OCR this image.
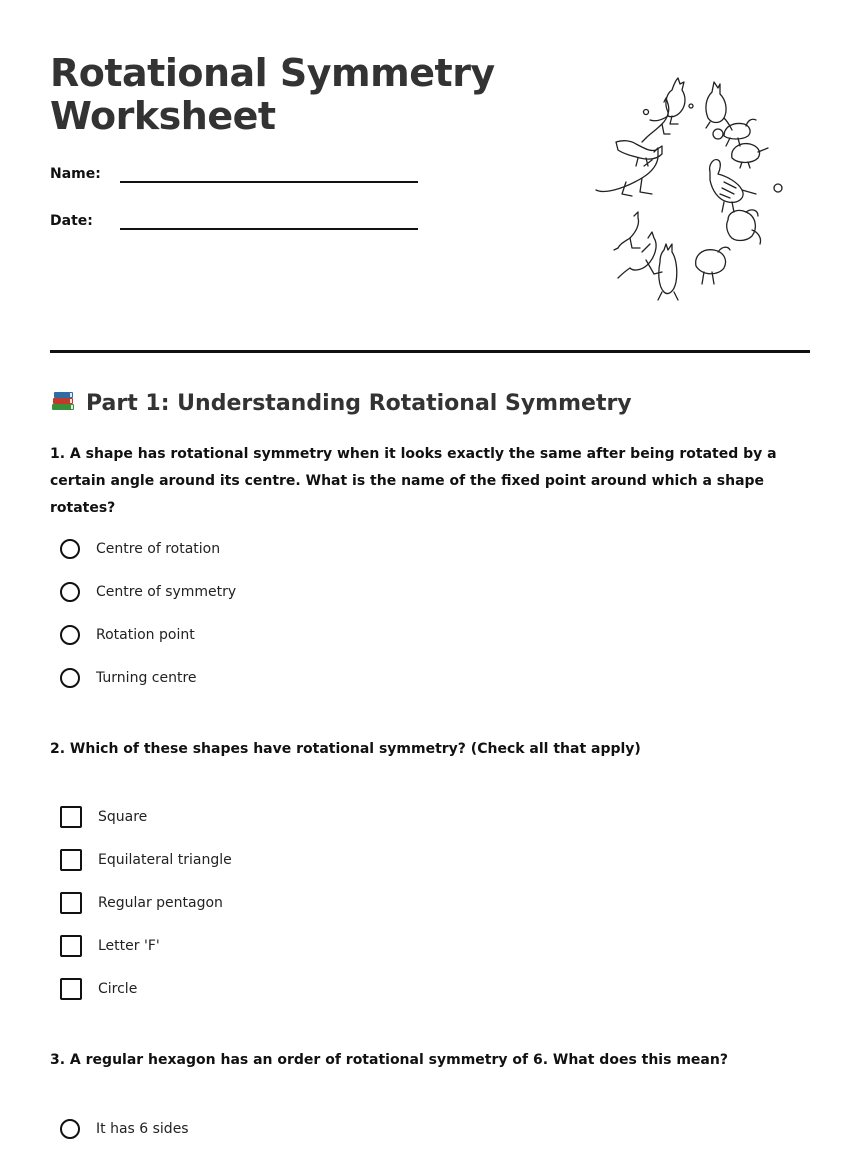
Rotational Symmetry
Worksheet
Name:
Date:
Part 1: Understanding Rotational Symmetry

1. A shape has rotational symmetry when it looks exactly the same after being rotated by a certain angle around its centre. What is the name of the fixed point around which a shape rotates?

Centre of rotation
Centre of symmetry
Rotation point
Turning centre

2. Which of these shapes have rotational symmetry? (Check all that apply)

Square
Equilateral triangle
Regular pentagon
Letter 'F'
Circle

3. A regular hexagon has an order of rotational symmetry of 6. What does this mean?

It has 6 sides
